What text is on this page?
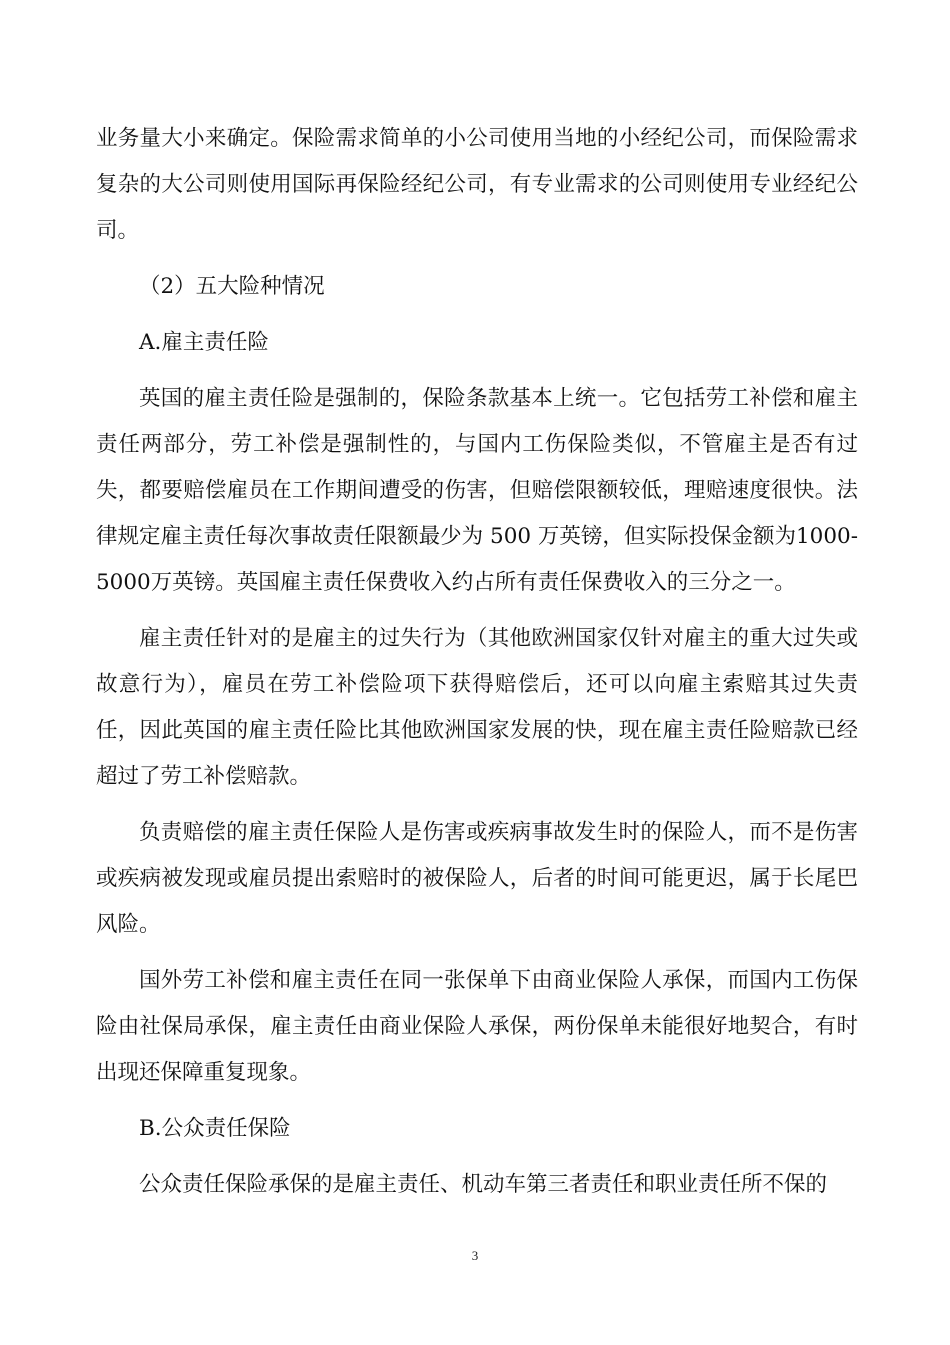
业务量大小来确定。保险需求简单的小公司使用当地的小经纪公司，而保险需求复杂的大公司则使用国际再保险经纪公司，有专业需求的公司则使用专业经纪公司。

（2）五大险种情况

A.雇主责任险

英国的雇主责任险是强制的，保险条款基本上统一。它包括劳工补偿和雇主责任两部分，劳工补偿是强制性的，与国内工伤保险类似，不管雇主是否有过失，都要赔偿雇员在工作期间遭受的伤害，但赔偿限额较低，理赔速度很快。法律规定雇主责任每次事故责任限额最少为 500 万英镑，但实际投保金额为1000-5000万英镑。英国雇主责任保费收入约占所有责任保费收入的三分之一。

雇主责任针对的是雇主的过失行为（其他欧洲国家仅针对雇主的重大过失或故意行为），雇员在劳工补偿险项下获得赔偿后，还可以向雇主索赔其过失责任，因此英国的雇主责任险比其他欧洲国家发展的快，现在雇主责任险赔款已经超过了劳工补偿赔款。

负责赔偿的雇主责任保险人是伤害或疾病事故发生时的保险人，而不是伤害或疾病被发现或雇员提出索赔时的被保险人，后者的时间可能更迟，属于长尾巴风险。

国外劳工补偿和雇主责任在同一张保单下由商业保险人承保，而国内工伤保险由社保局承保，雇主责任由商业保险人承保，两份保单未能很好地契合，有时出现还保障重复现象。

B.公众责任保险

公众责任保险承保的是雇主责任、机动车第三者责任和职业责任所不保的

3
